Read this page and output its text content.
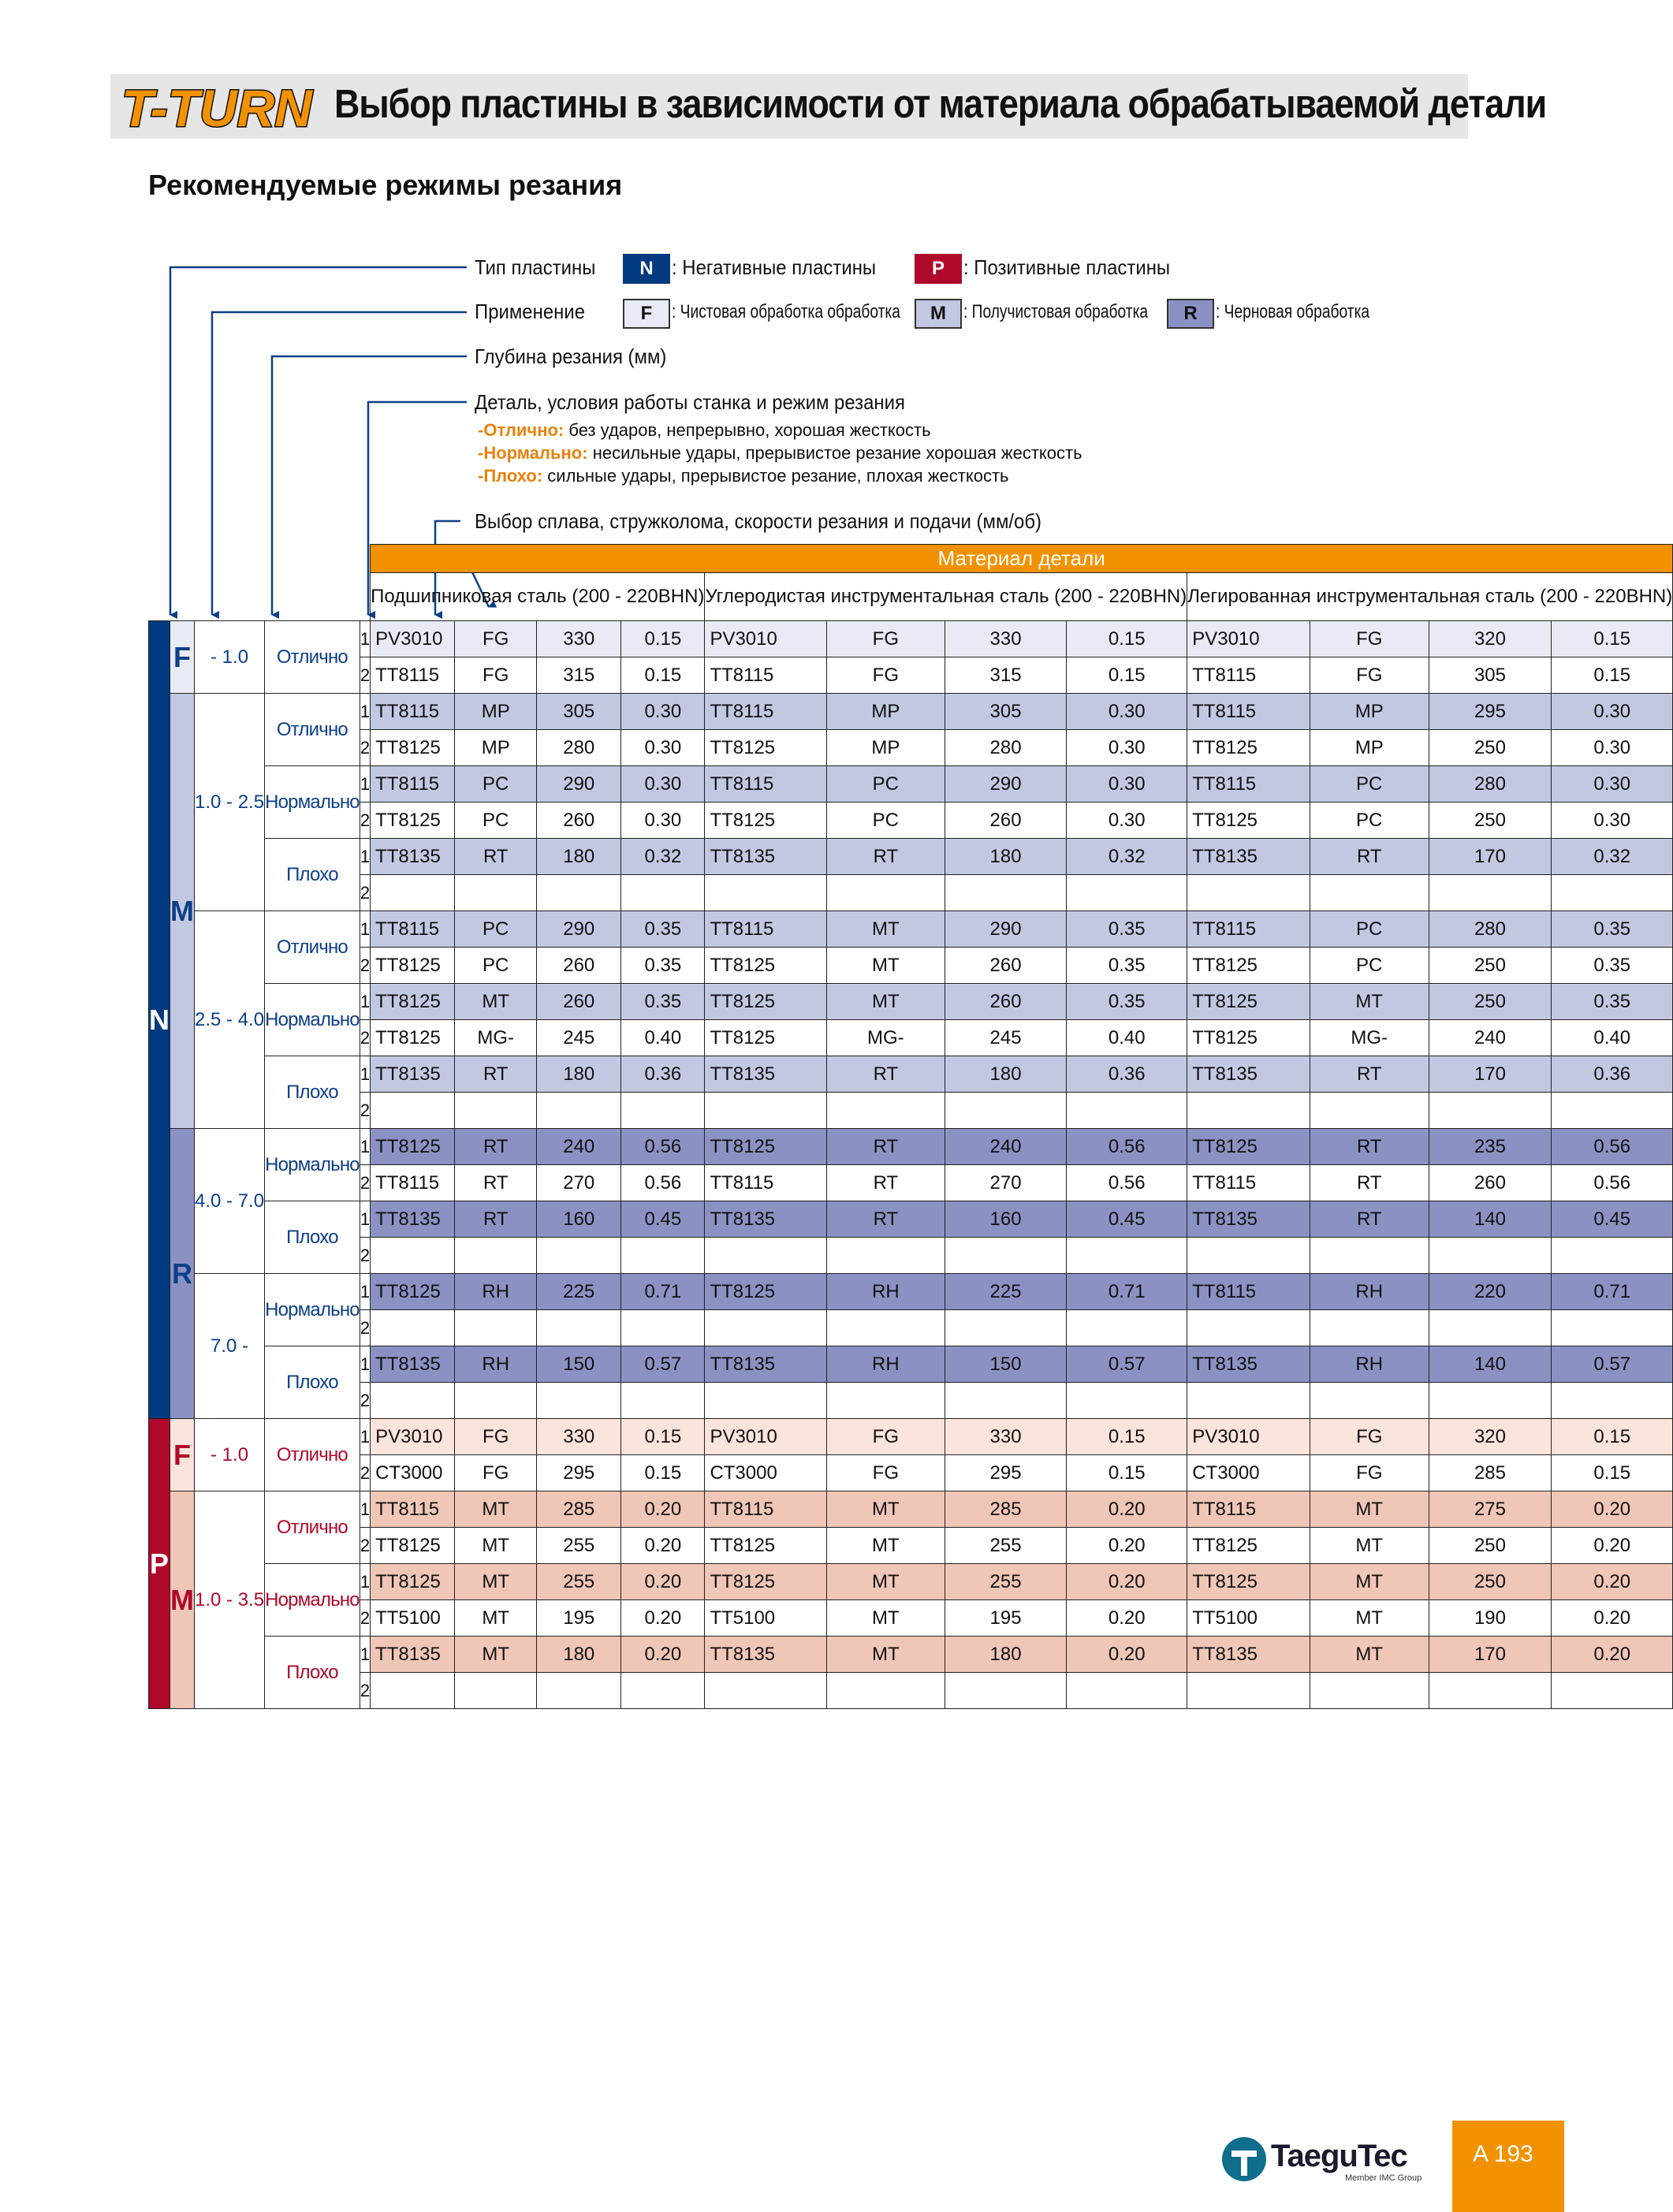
T-TURN Выбор пластины в зависимости от материала обрабатываемой детали
Рекомендуемые режимы резания
Тип пластины	N : Негативные пластины	P : Позитивные пластины
Применение	F	: Чистовая обработка обработка	M : Получистовая обработка	R : Черновая обработка
Глубина резания (мм)
Деталь, условия работы станка и режим резания
-Отлично: без ударов, непрерывно, хорошая жесткость
-Нормально: несильные удары, прерывистое резание хорошая жесткость
-Плохо: сильные удары, прерывистое резание, плохая жесткость
Выбор сплава, стружколома, скорости резания и подачи (мм/об)
					Материал детали											
					Подшипниковая сталь (200 - 220BHN)				Углеродистая инструментальная сталь (200 - 220BHN)				Легированная инструментальная сталь (200 - 220BHN)			
N	F	- 1.0	Отлично	1	PV3010	FG	330	0.15	PV3010	FG	330	0.15	PV3010	FG	320	0.15
				2	TT8115	FG	315	0.15	TT8115	FG	315	0.15	TT8115	FG	305	0.15
	M	1.0 - 2.5	Отлично	1	TT8115	MP	305	0.30	TT8115	MP	305	0.30	TT8115	MP	295	0.30
				2	TT8125	MP	280	0.30	TT8125	MP	280	0.30	TT8125	MP	250	0.30
			Нормально	1	TT8115	PC	290	0.30	TT8115	PC	290	0.30	TT8115	PC	280	0.30
				2	TT8125	PC	260	0.30	TT8125	PC	260	0.30	TT8125	PC	250	0.30
			Плохо	1	TT8135	RT	180	0.32	TT8135	RT	180	0.32	TT8135	RT	170	0.32
				2												
		2.5 - 4.0	Отлично	1	TT8115	PC	290	0.35	TT8115	MT	290	0.35	TT8115	PC	280	0.35
				2	TT8125	PC	260	0.35	TT8125	MT	260	0.35	TT8125	PC	250	0.35
			Нормально	1	TT8125	MT	260	0.35	TT8125	MT	260	0.35	TT8125	MT	250	0.35
				2	TT8125	MG-	245	0.40	TT8125	MG-	245	0.40	TT8125	MG-	240	0.40
			Плохо	1	TT8135	RT	180	0.36	TT8135	RT	180	0.36	TT8135	RT	170	0.36
				2												
	R	4.0 - 7.0	Нормально	1	TT8125	RT	240	0.56	TT8125	RT	240	0.56	TT8125	RT	235	0.56
				2	TT8115	RT	270	0.56	TT8115	RT	270	0.56	TT8115	RT	260	0.56
			Плохо	1	TT8135	RT	160	0.45	TT8135	RT	160	0.45	TT8135	RT	140	0.45
				2												
		7.0 -	Нормально	1	TT8125	RH	225	0.71	TT8125	RH	225	0.71	TT8115	RH	220	0.71
				2												
			Плохо	1	TT8135	RH	150	0.57	TT8135	RH	150	0.57	TT8135	RH	140	0.57
				2												
P	F	- 1.0	Отлично	1	PV3010	FG	330	0.15	PV3010	FG	330	0.15	PV3010	FG	320	0.15
				2	CT3000	FG	295	0.15	CT3000	FG	295	0.15	CT3000	FG	285	0.15
	M	1.0 - 3.5	Отлично	1	TT8115	MT	285	0.20	TT8115	MT	285	0.20	TT8115	MT	275	0.20
				2	TT8125	MT	255	0.20	TT8125	MT	255	0.20	TT8125	MT	250	0.20
			Нормально	1	TT8125	MT	255	0.20	TT8125	MT	255	0.20	TT8125	MT	250	0.20
				2	TT5100	MT	195	0.20	TT5100	MT	195	0.20	TT5100	MT	190	0.20
			Плохо	1	TT8135	MT	180	0.20	TT8135	MT	180	0.20	TT8135	MT	170	0.20
				2												
TaeguTec
Member IMC Group
A 193
